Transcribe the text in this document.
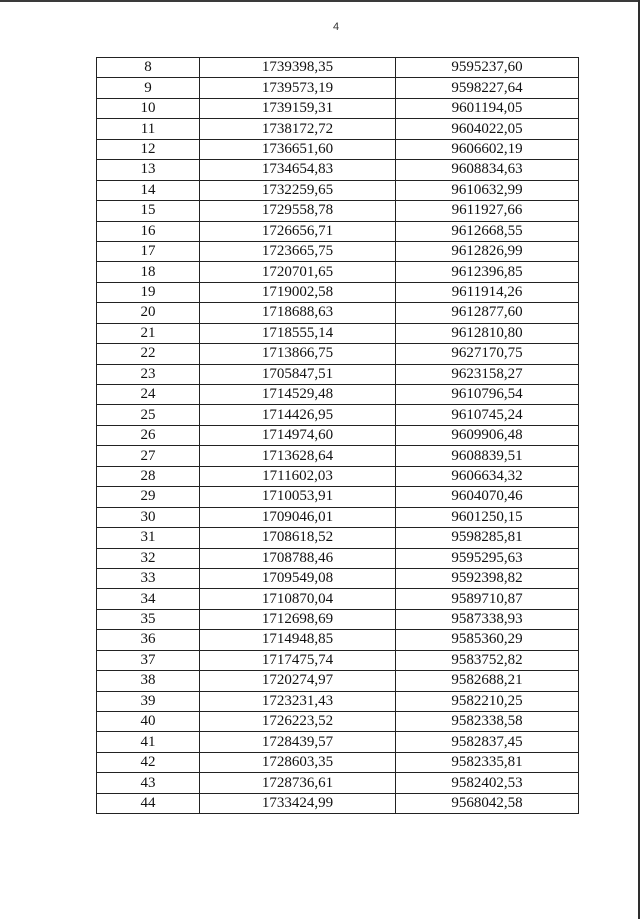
4
8	1739398,35	9595237,60
9	1739573,19	9598227,64
10	1739159,31	9601194,05
11	1738172,72	9604022,05
12	1736651,60	9606602,19
13	1734654,83	9608834,63
14	1732259,65	9610632,99
15	1729558,78	9611927,66
16	1726656,71	9612668,55
17	1723665,75	9612826,99
18	1720701,65	9612396,85
19	1719002,58	9611914,26
20	1718688,63	9612877,60
21	1718555,14	9612810,80
22	1713866,75	9627170,75
23	1705847,51	9623158,27
24	1714529,48	9610796,54
25	1714426,95	9610745,24
26	1714974,60	9609906,48
27	1713628,64	9608839,51
28	1711602,03	9606634,32
29	1710053,91	9604070,46
30	1709046,01	9601250,15
31	1708618,52	9598285,81
32	1708788,46	9595295,63
33	1709549,08	9592398,82
34	1710870,04	9589710,87
35	1712698,69	9587338,93
36	1714948,85	9585360,29
37	1717475,74	9583752,82
38	1720274,97	9582688,21
39	1723231,43	9582210,25
40	1726223,52	9582338,58
41	1728439,57	9582837,45
42	1728603,35	9582335,81
43	1728736,61	9582402,53
44	1733424,99	9568042,58
